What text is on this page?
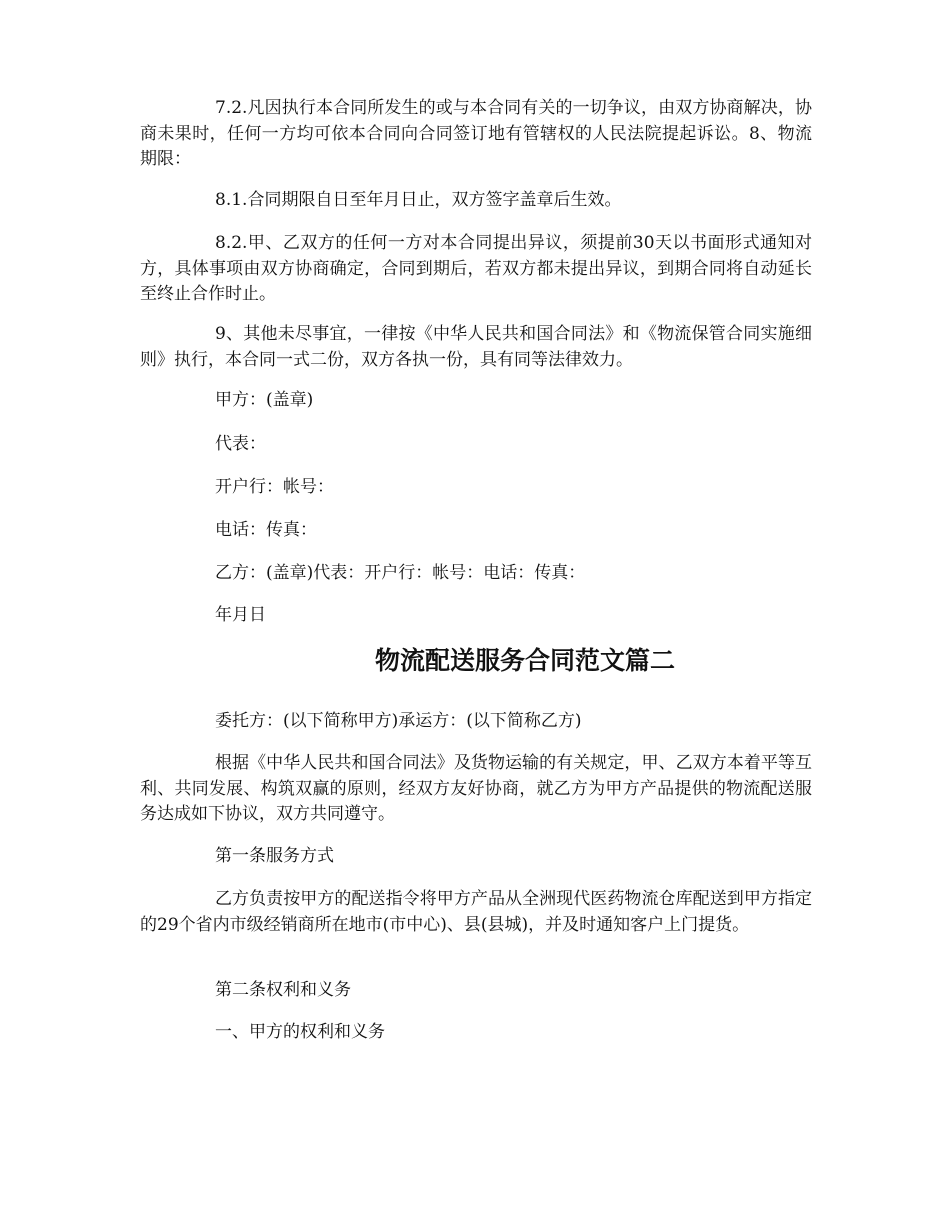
7.2.凡因执行本合同所发生的或与本合同有关的一切争议，由双方协商解决，协商未果时，任何一方均可依本合同向合同签订地有管辖权的人民法院提起诉讼。8、物流期限：

8.1.合同期限自日至年月日止，双方签字盖章后生效。

8.2.甲、乙双方的任何一方对本合同提出异议，须提前30天以书面形式通知对方，具体事项由双方协商确定，合同到期后，若双方都未提出异议，到期合同将自动延长至终止合作时止。

9、其他未尽事宜，一律按《中华人民共和国合同法》和《物流保管合同实施细则》执行，本合同一式二份，双方各执一份，具有同等法律效力。

甲方：(盖章)

代表：

开户行：帐号：

电话：传真：

乙方：(盖章)代表：开户行：帐号：电话：传真：

年月日

物流配送服务合同范文篇二

委托方：(以下简称甲方)承运方：(以下简称乙方)

根据《中华人民共和国合同法》及货物运输的有关规定，甲、乙双方本着平等互利、共同发展、构筑双赢的原则，经双方友好协商，就乙方为甲方产品提供的物流配送服务达成如下协议，双方共同遵守。

第一条服务方式

乙方负责按甲方的配送指令将甲方产品从全洲现代医药物流仓库配送到甲方指定的29个省内市级经销商所在地市(市中心)、县(县城)，并及时通知客户上门提货。

第二条权利和义务

一、甲方的权利和义务
